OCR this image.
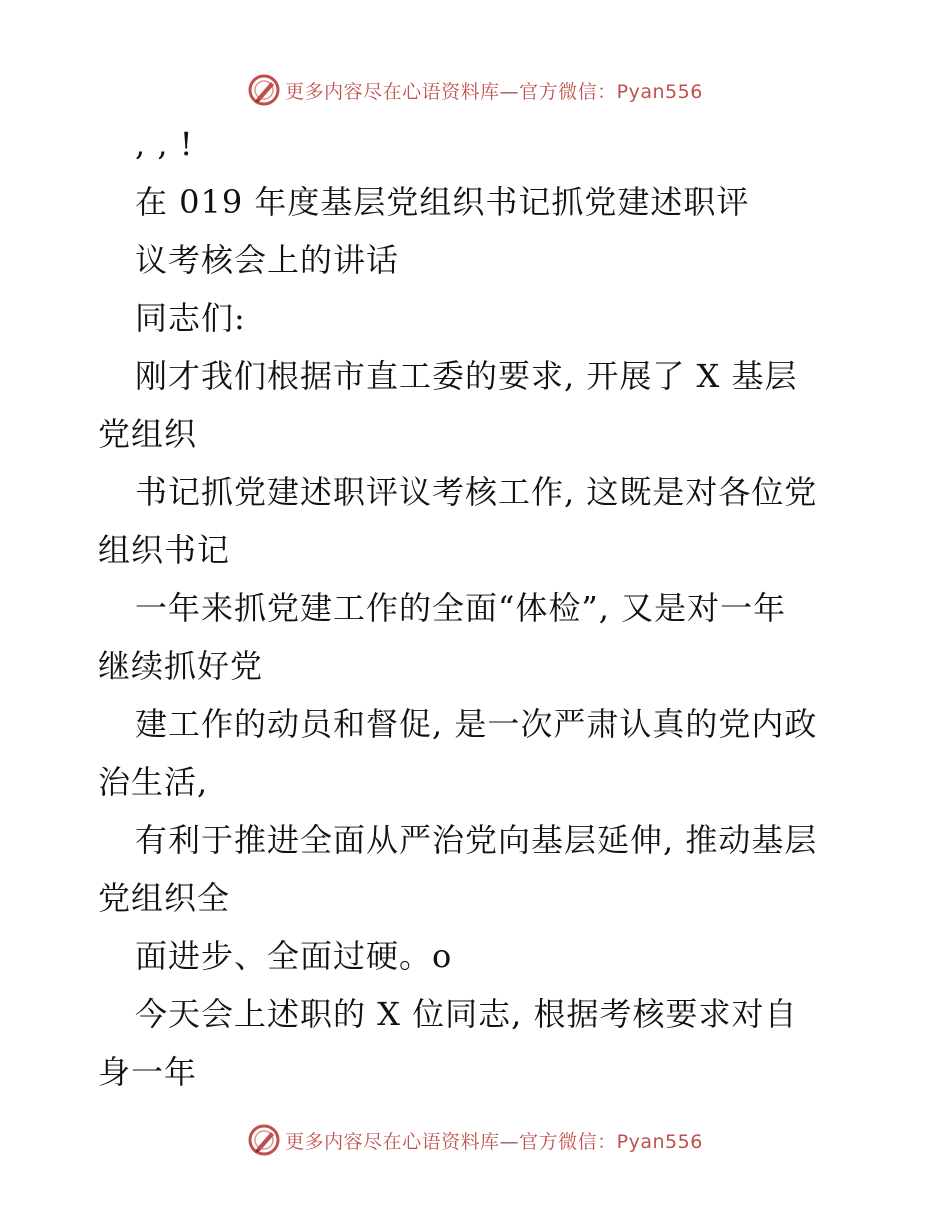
更多内容尽在心语资料库—官方微信：Pyan556
, , !
在 019 年度基层党组织书记抓党建述职评
议考核会上的讲话
同志们:
刚才我们根据市直工委的要求, 开展了 X 基层
党组织
书记抓党建述职评议考核工作, 这既是对各位党
组织书记
一年来抓党建工作的全面“体检”, 又是对一年
继续抓好党
建工作的动员和督促, 是一次严肃认真的党内政
治生活,
有利于推进全面从严治党向基层延伸, 推动基层
党组织全
面进步、全面过硬。o
今天会上述职的 X 位同志, 根据考核要求对自
身一年
更多内容尽在心语资料库—官方微信：Pyan556
